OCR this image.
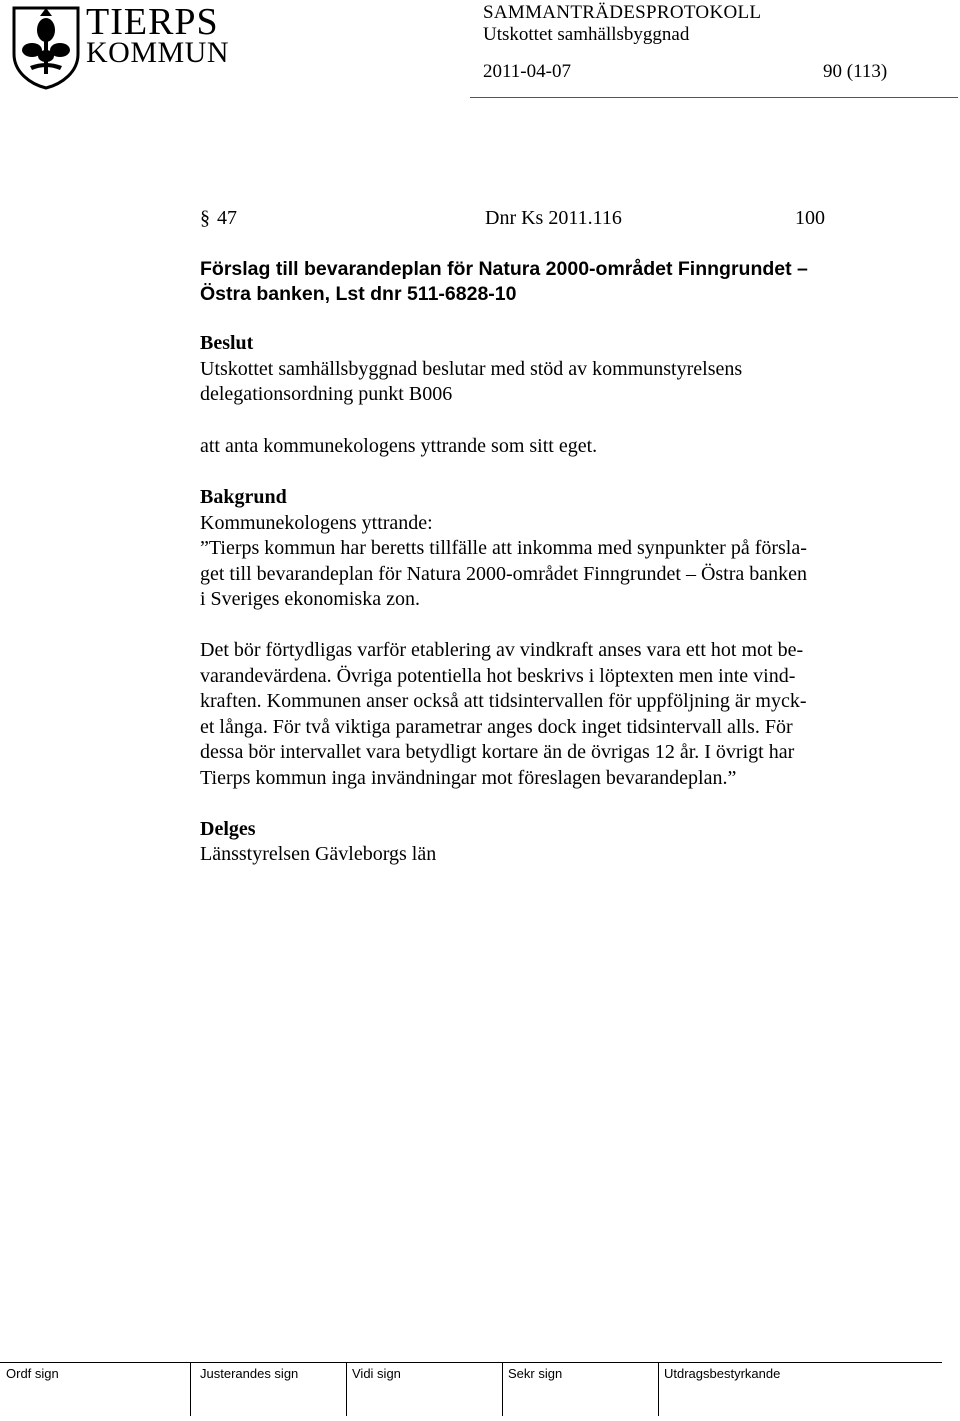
TIERPS
KOMMUN
SAMMANTRÄDESPROTOKOLL
Utskottet samhällsbyggnad
2011-04-07	90 (113)
§ 47	Dnr Ks 2011.116	100
Förslag till bevarandeplan för Natura 2000-området Finngrundet –
Östra banken, Lst dnr 511-6828-10
Beslut
Utskottet samhällsbyggnad beslutar med stöd av kommunstyrelsens
delegationsordning punkt B006
att anta kommunekologens yttrande som sitt eget.
Bakgrund
Kommunekologens yttrande:
”Tierps kommun har beretts tillfälle att inkomma med synpunkter på försla-
get till bevarandeplan för Natura 2000-området Finngrundet – Östra banken
i Sveriges ekonomiska zon.
Det bör förtydligas varför etablering av vindkraft anses vara ett hot mot be-
varandevärdena. Övriga potentiella hot beskrivs i löptexten men inte vind-
kraften. Kommunen anser också att tidsintervallen för uppföljning är myck-
et långa. För två viktiga parametrar anges dock inget tidsintervall alls. För
dessa bör intervallet vara betydligt kortare än de övrigas 12 år. I övrigt har
Tierps kommun inga invändningar mot föreslagen bevarandeplan.”
Delges
Länsstyrelsen Gävleborgs län
Ordf sign	Justerandes sign	Vidi sign	Sekr sign	Utdragsbestyrkande
